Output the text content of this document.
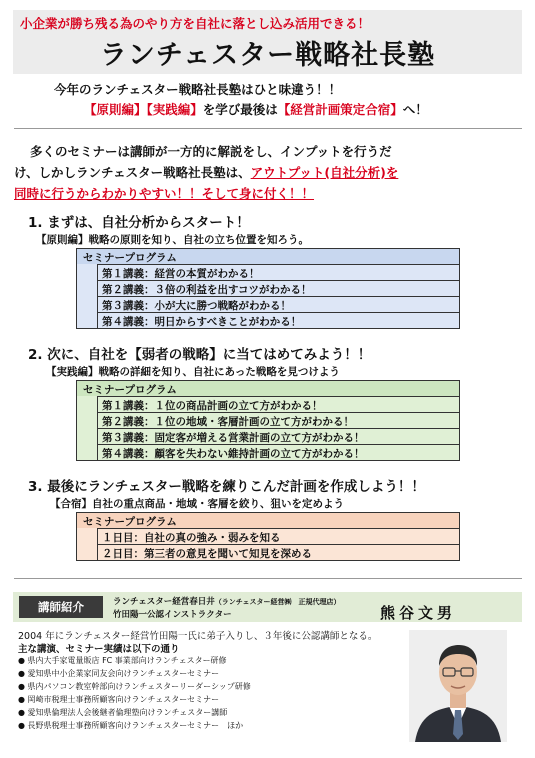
小企業が勝ち残る為のやり方を自社に落とし込み活用できる！
ランチェスター戦略社長塾
今年のランチェスター戦略社長塾はひと味違う！！
【原則編】【実践編】を学び最後は【経営計画策定合宿】へ！
多くのセミナーは講師が一方的に解説をし、インプットを行うだ
け、しかしランチェスター戦略社長塾は、アウトプット(自社分析)を
同時に行うからわかりやすい！！そして身に付く！！
1. まずは、自社分析からスタート！
【原則編】戦略の原則を知り、自社の立ち位置を知ろう。
セミナープログラム
第１講義：経営の本質がわかる！
第２講義：３倍の利益を出すコツがわかる！
第３講義：小が大に勝つ戦略がわかる！
第４講義：明日からすべきことがわかる！
2. 次に、自社を【弱者の戦略】に当てはめてみよう！！
【実践編】戦略の詳細を知り、自社にあった戦略を見つけよう
セミナープログラム
第１講義：１位の商品計画の立て方がわかる！
第２講義：１位の地域・客層計画の立て方がわかる！
第３講義：固定客が増える営業計画の立て方がわかる！
第４講義：顧客を失わない維持計画の立て方がわかる！
3. 最後にランチェスター戦略を練りこんだ計画を作成しよう！！
【合宿】自社の重点商品・地域・客層を絞り、狙いを定めよう
セミナープログラム
１日目：自社の真の強み・弱みを知る
２日目：第三者の意見を聞いて知見を深める
講師紹介	ランチェスター経営春日井（ランチェスター経営㈱　正規代理店）
竹田陽一公認インストラクター	熊谷文男
2004 年にランチェスター経営竹田陽一氏に弟子入りし、３年後に公認講師となる。
主な講演、セミナー実績は以下の通り
● 県内大手家電量販店 FC 事業部向けランチェスター研修
● 愛知県中小企業家同友会向けランチェスターセミナー
● 県内パソコン教室幹部向けランチェスターリーダーシップ研修
● 岡崎市税理士事務所顧客向けランチェスターセミナー
● 愛知県倫理法人会後継者倫理塾向けランチェスター講師
● 長野県税理士事務所顧客向けランチェスターセミナー　ほか
